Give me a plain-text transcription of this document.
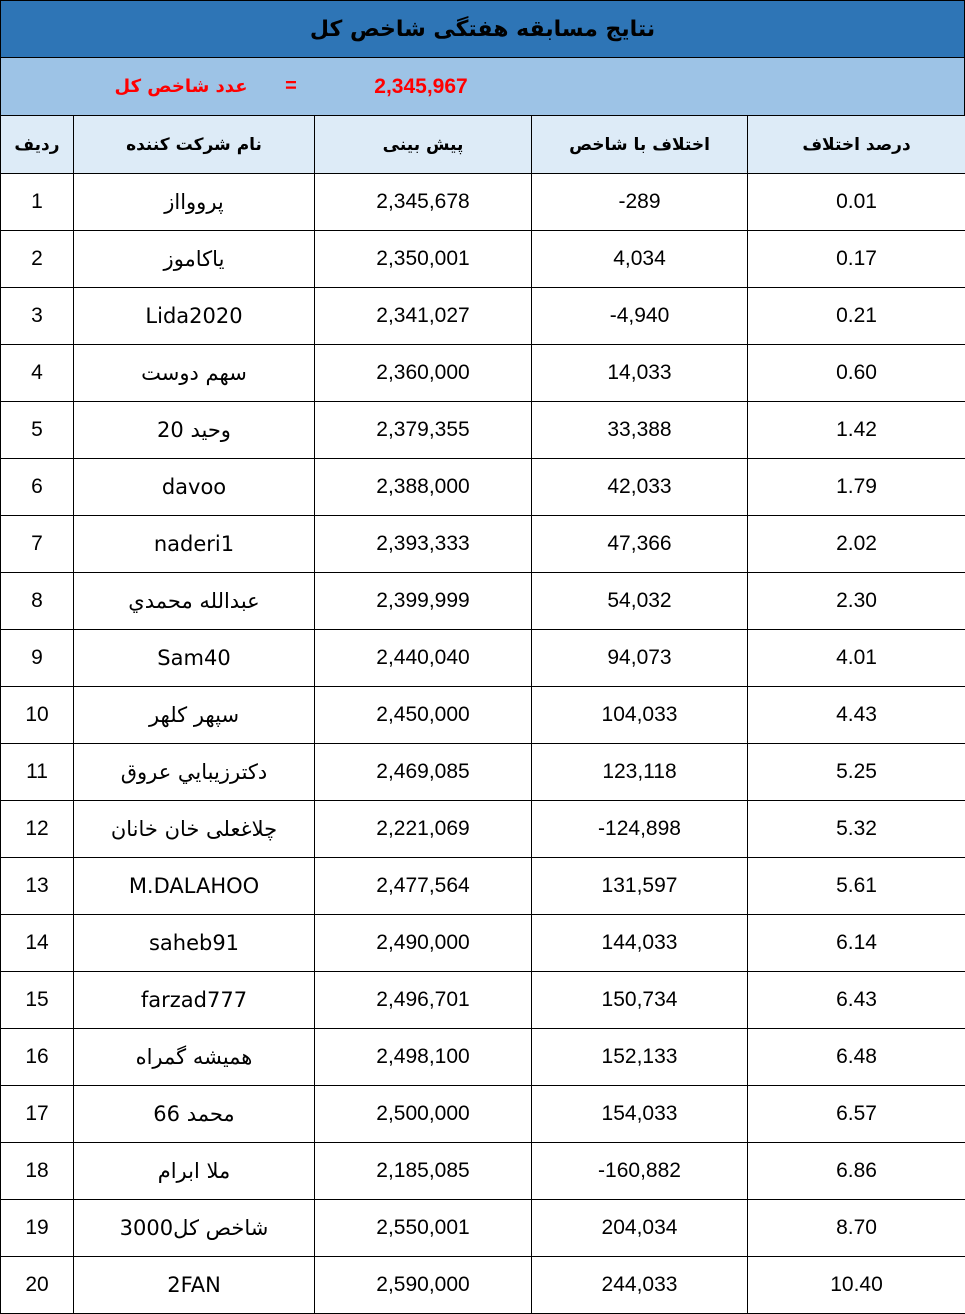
نتایج مسابقه هفتگی شاخص کل
عدد شاخص کل	=	2,345,967
ردیف	نام شرکت کننده	پیش بینی	اختلاف با شاخص	درصد اختلاف
1	پرووااز	2,345,678	-289	0.01
2	یاکاموز	2,350,001	4,034	0.17
3	Lida2020	2,341,027	-4,940	0.21
4	سهم دوست	2,360,000	14,033	0.60
5	وحید 20	2,379,355	33,388	1.42
6	davoo	2,388,000	42,033	1.79
7	naderi1	2,393,333	47,366	2.02
8	عبدالله محمدي	2,399,999	54,032	2.30
9	Sam40	2,440,040	94,073	4.01
10	سپهر کلهر	2,450,000	104,033	4.43
11	دکترزيبايي عروق	2,469,085	123,118	5.25
12	چلاغعلی خان خانان	2,221,069	-124,898	5.32
13	M.DALAHOO	2,477,564	131,597	5.61
14	saheb91	2,490,000	144,033	6.14
15	farzad777	2,496,701	150,734	6.43
16	همیشه گمراه	2,498,100	152,133	6.48
17	محمد 66	2,500,000	154,033	6.57
18	ملا ابرام	2,185,085	-160,882	6.86
19	شاخص کل3000	2,550,001	204,034	8.70
20	2FAN	2,590,000	244,033	10.40
